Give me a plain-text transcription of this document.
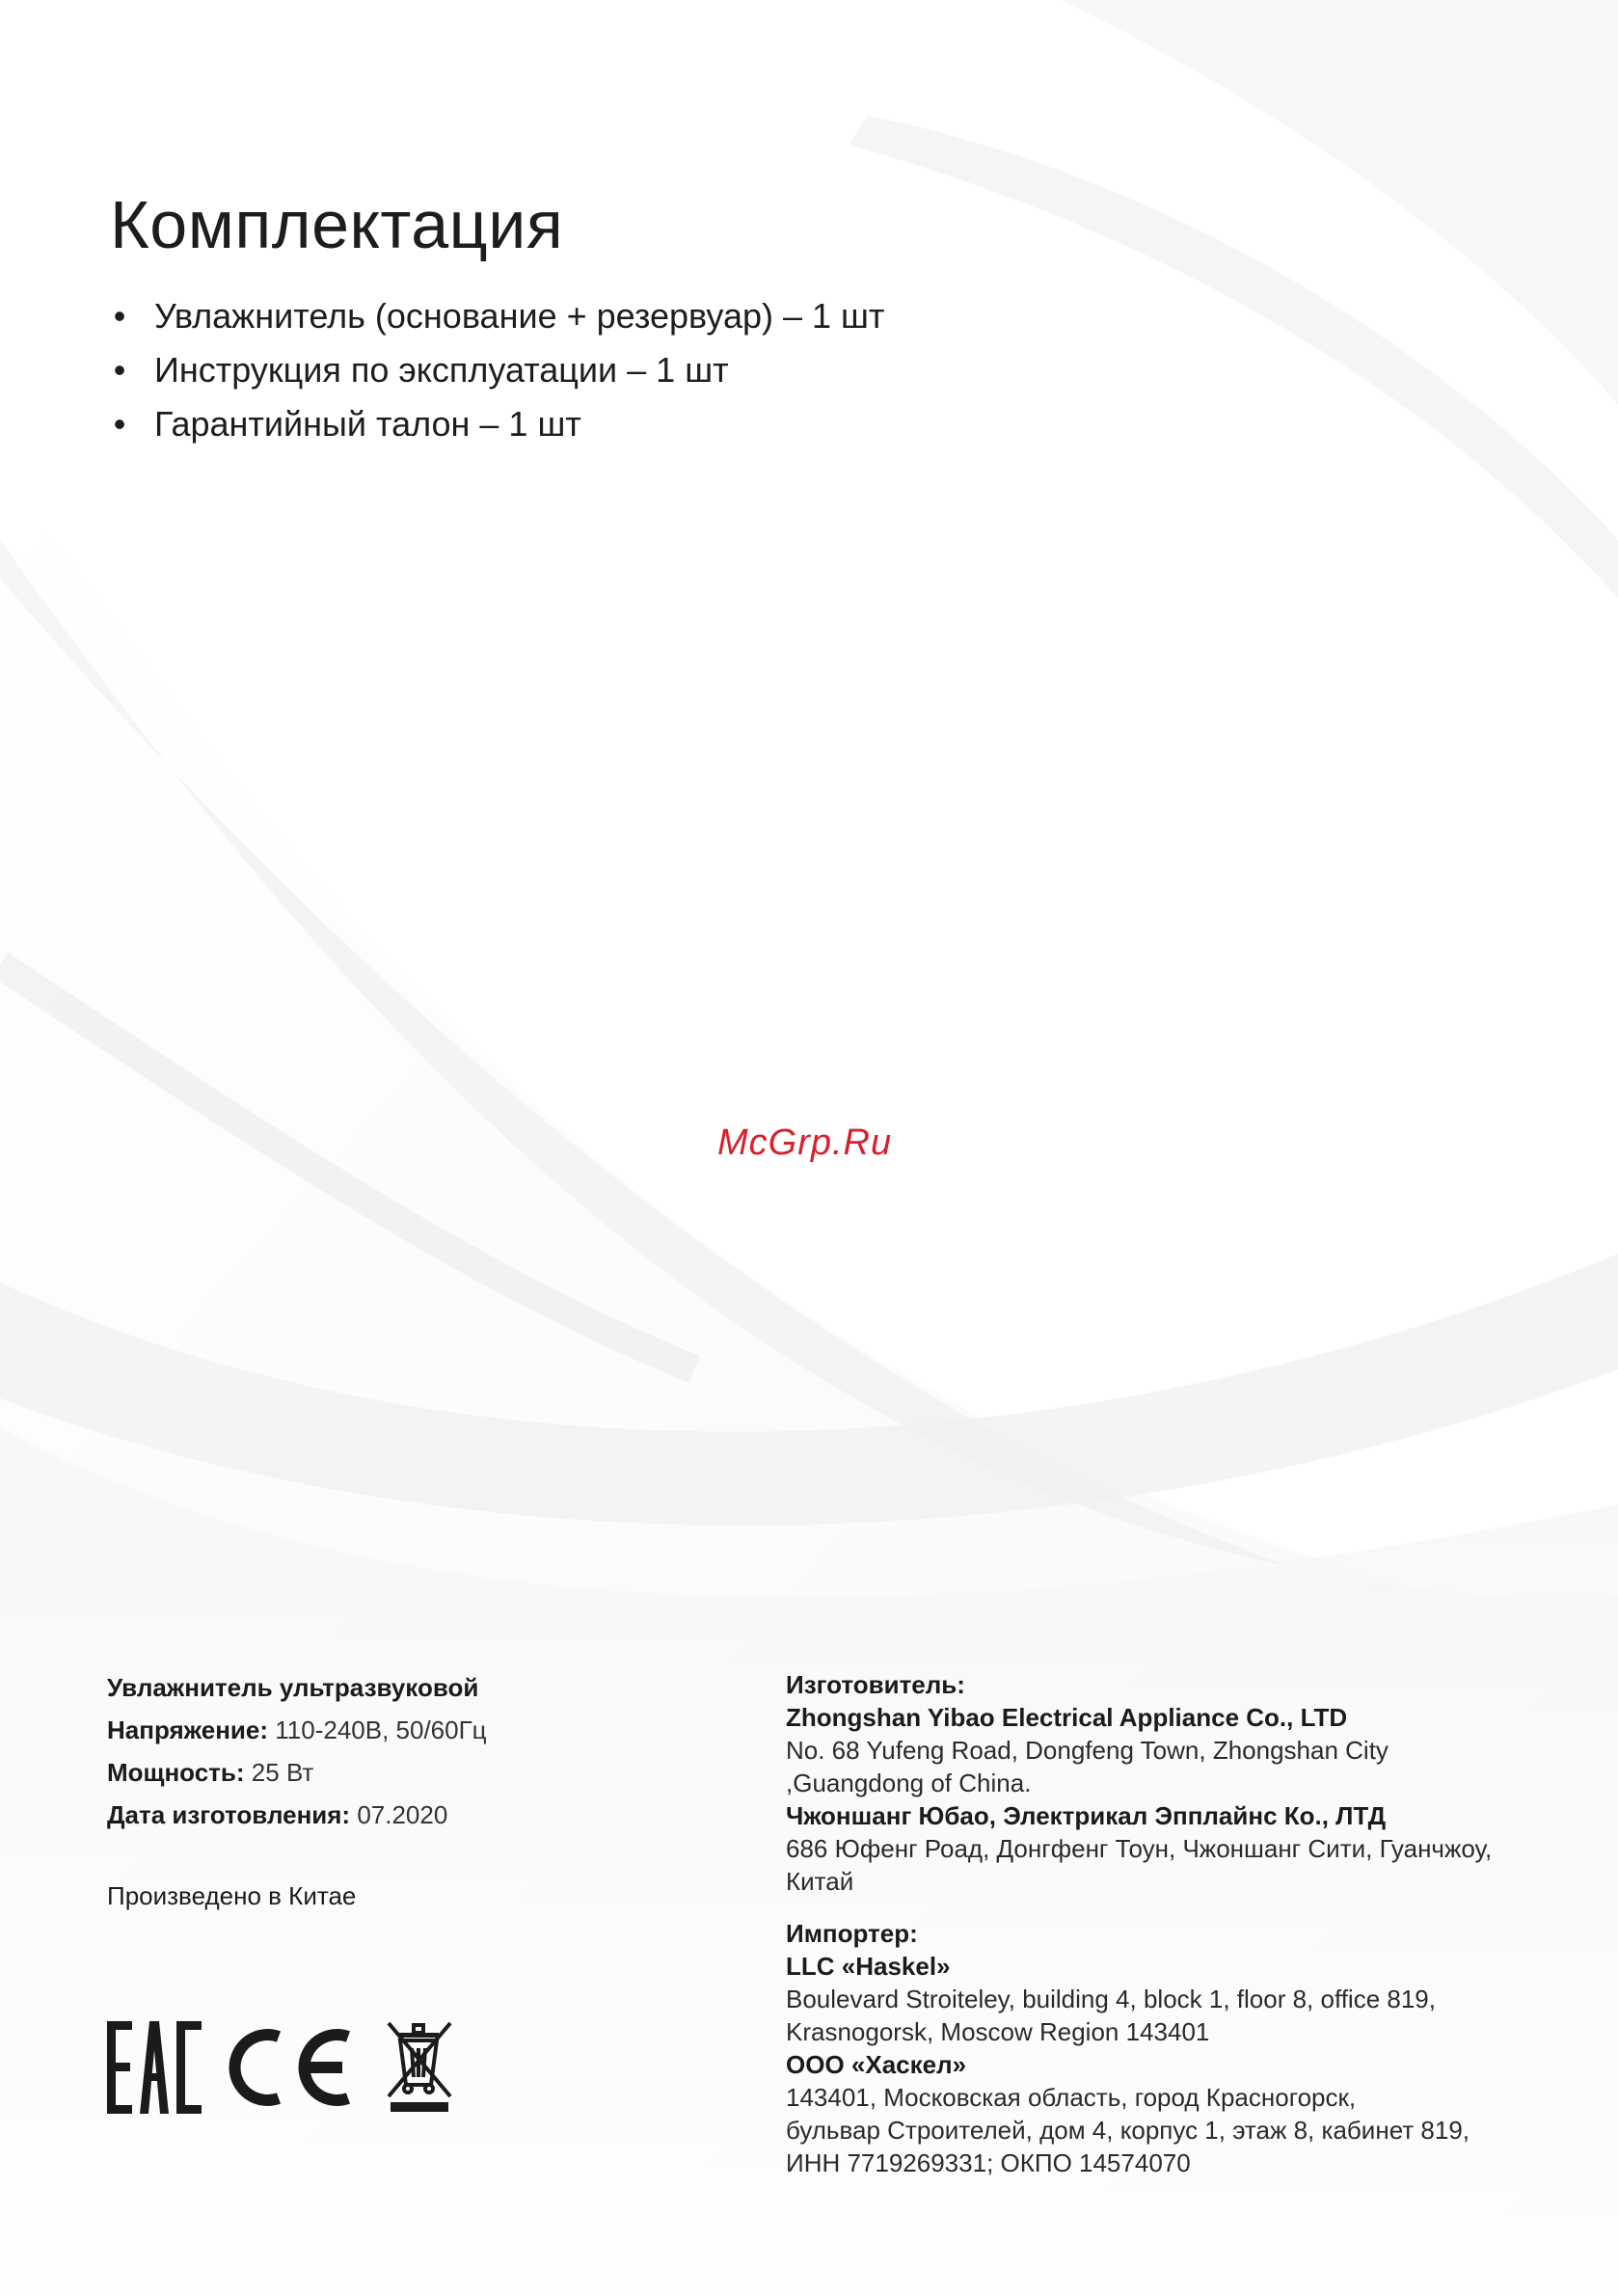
Комплектация
• Увлажнитель (основание + резервуар) – 1 шт
• Инструкция по эксплуатации – 1 шт
• Гарантийный талон – 1 шт
McGrp.Ru
Увлажнитель ультразвуковой
Напряжение: 110-240В, 50/60Гц
Мощность: 25 Вт
Дата изготовления: 07.2020
Произведено в Китае
Изготовитель:
Zhongshan Yibao Electrical Appliance Co., LTD
No. 68 Yufeng Road, Dongfeng Town, Zhongshan City
,Guangdong of China.
Чжоншанг Юбао, Электрикал Эпплайнс Ко., ЛТД
686 Юфенг Роад, Донгфенг Тоун, Чжоншанг Сити, Гуанчжоу,
Китай
Импортер:
LLC «Haskel»
Boulevard Stroiteley, building 4, block 1, floor 8, office 819,
Krasnogorsk, Moscow Region 143401
ООО «Хаскел»
143401, Московская область, город Красногорск,
бульвар Строителей, дом 4, корпус 1, этаж 8, кабинет 819,
ИНН 7719269331; ОКПО 14574070
